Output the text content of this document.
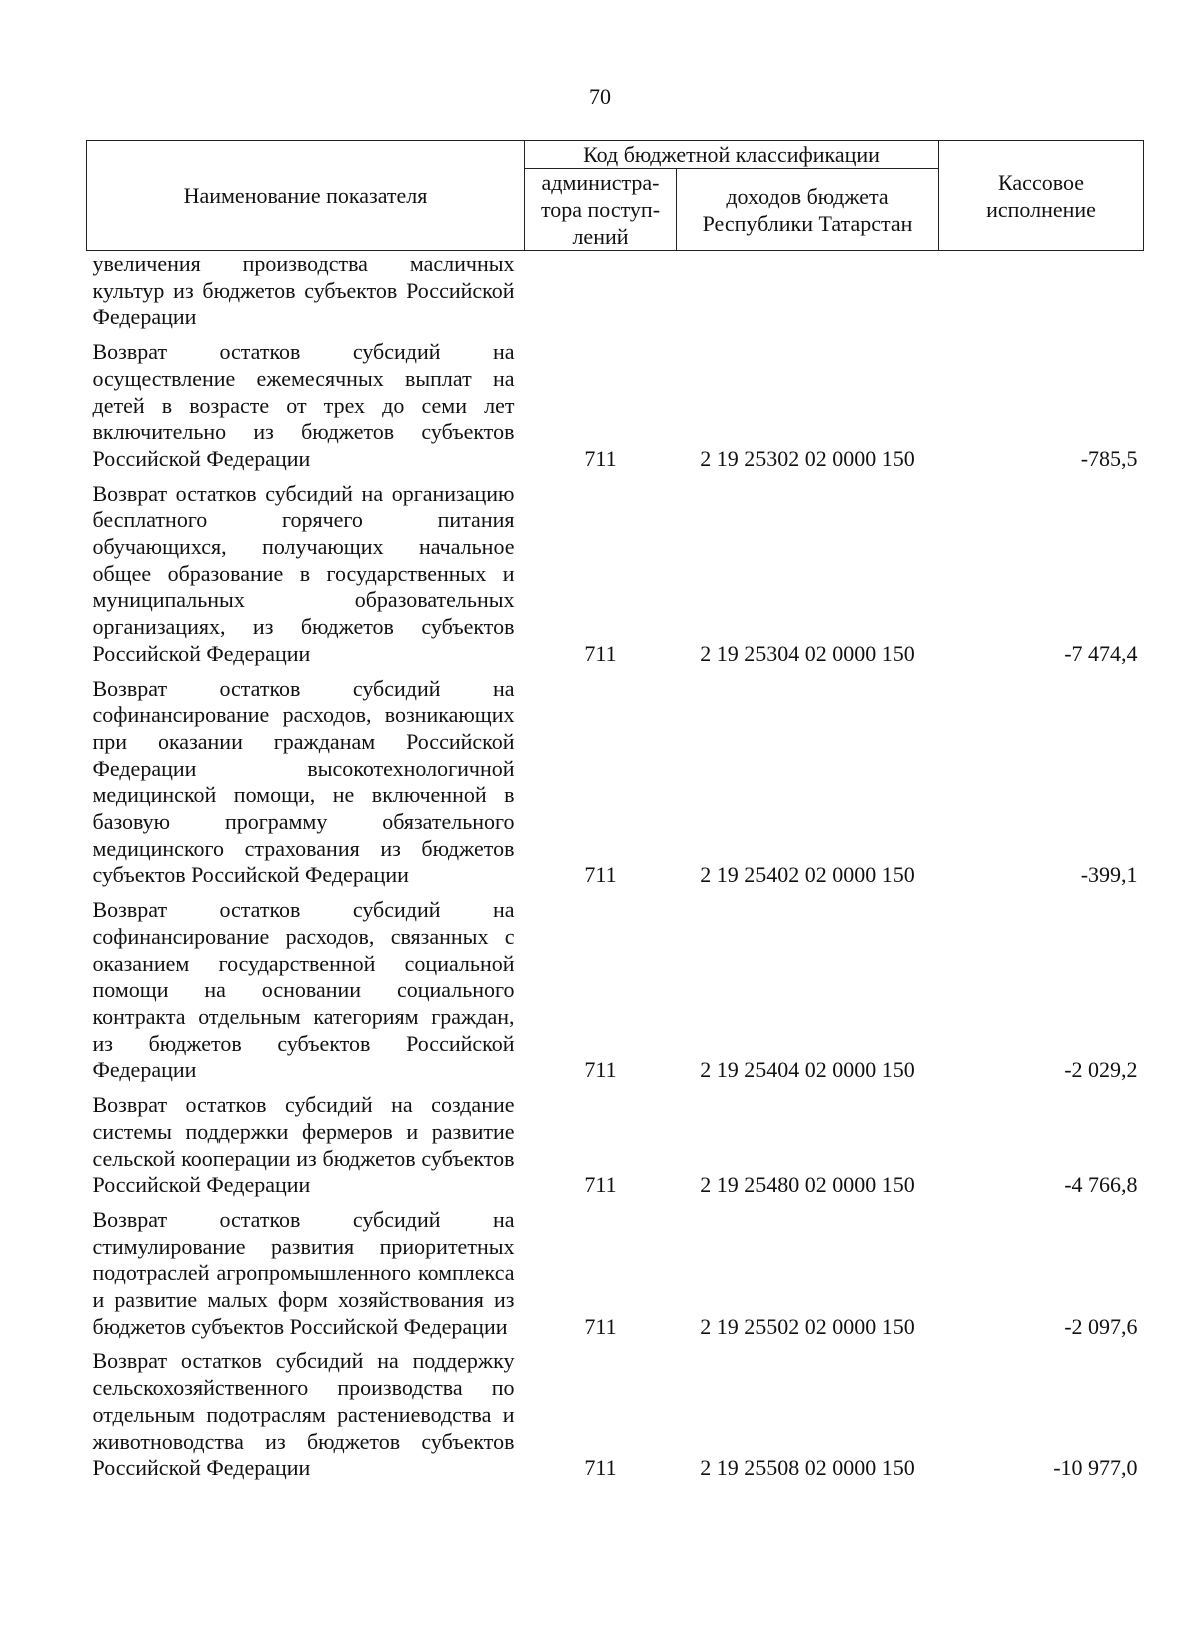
70
Наименование показателя	Код бюджетной классификации		Кассовое исполнение
	администра-тора поступ-лений	доходов бюджета Республики Татарстан	
увеличения производства масличных культур из бюджетов субъектов Российской Федерации			
Возврат остатков субсидий на осуществление ежемесячных выплат на детей в возрасте от трех до семи лет включительно из бюджетов субъектов Российской Федерации	711	2 19 25302 02 0000 150	-785,5
Возврат остатков субсидий на организацию бесплатного горячего питания обучающихся, получающих начальное общее образование в государственных и муниципальных образовательных организациях, из бюджетов субъектов Российской Федерации	711	2 19 25304 02 0000 150	-7 474,4
Возврат остатков субсидий на софинансирование расходов, возникающих при оказании гражданам Российской Федерации высокотехнологичной медицинской помощи, не включенной в базовую программу обязательного медицинского страхования из бюджетов субъектов Российской Федерации	711	2 19 25402 02 0000 150	-399,1
Возврат остатков субсидий на софинансирование расходов, связанных с оказанием государственной социальной помощи на основании социального контракта отдельным категориям граждан, из бюджетов субъектов Российской Федерации	711	2 19 25404 02 0000 150	-2 029,2
Возврат остатков субсидий на создание системы поддержки фермеров и развитие сельской кооперации из бюджетов субъектов Российской Федерации	711	2 19 25480 02 0000 150	-4 766,8
Возврат остатков субсидий на стимулирование развития приоритетных подотраслей агропромышленного комплекса и развитие малых форм хозяйствования из бюджетов субъектов Российской Федерации	711	2 19 25502 02 0000 150	-2 097,6
Возврат остатков субсидий на поддержку сельскохозяйственного производства по отдельным подотраслям растениеводства и животноводства из бюджетов субъектов Российской Федерации	711	2 19 25508 02 0000 150	-10 977,0
